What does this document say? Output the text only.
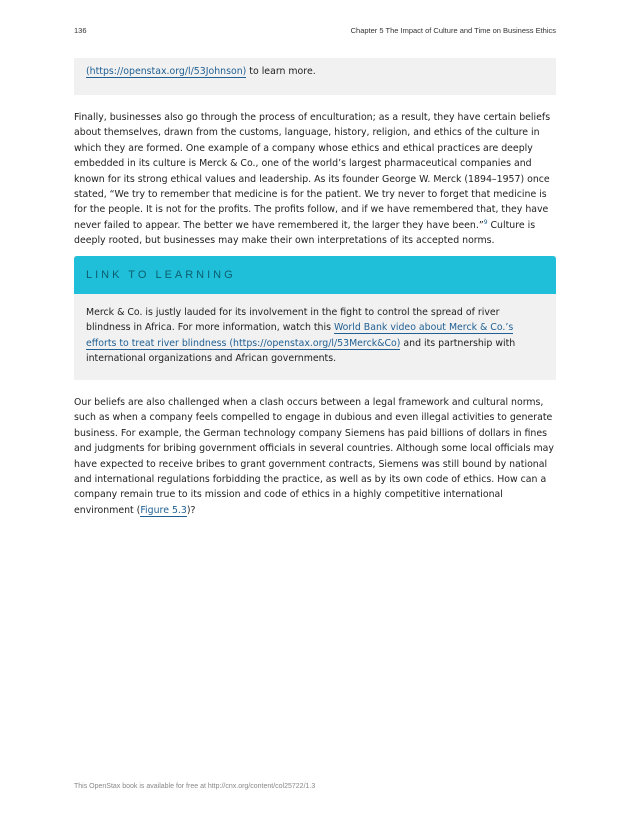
136	Chapter 5 The Impact of Culture and Time on Business Ethics

(https://openstax.org/l/53Johnson) to learn more.

Finally, businesses also go through the process of enculturation; as a result, they have certain beliefs about themselves, drawn from the customs, language, history, religion, and ethics of the culture in which they are formed. One example of a company whose ethics and ethical practices are deeply embedded in its culture is Merck & Co., one of the world’s largest pharmaceutical companies and known for its strong ethical values and leadership. As its founder George W. Merck (1894–1957) once stated, “We try to remember that medicine is for the patient. We try never to forget that medicine is for the people. It is not for the profits. The profits follow, and if we have remembered that, they have never failed to appear. The better we have remembered it, the larger they have been.”$^9$ Culture is deeply rooted, but businesses may make their own interpretations of its accepted norms.

LINK TO LEARNING

Merck & Co. is justly lauded for its involvement in the fight to control the spread of river blindness in Africa. For more information, watch this World Bank video about Merck & Co.’s efforts to treat river blindness (https://openstax.org/l/53Merck&Co) and its partnership with international organizations and African governments.

Our beliefs are also challenged when a clash occurs between a legal framework and cultural norms, such as when a company feels compelled to engage in dubious and even illegal activities to generate business. For example, the German technology company Siemens has paid billions of dollars in fines and judgments for bribing government officials in several countries. Although some local officials may have expected to receive bribes to grant government contracts, Siemens was still bound by national and international regulations forbidding the practice, as well as by its own code of ethics. How can a company remain true to its mission and code of ethics in a highly competitive international environment (Figure 5.3)?

This OpenStax book is available for free at http://cnx.org/content/col25722/1.3
